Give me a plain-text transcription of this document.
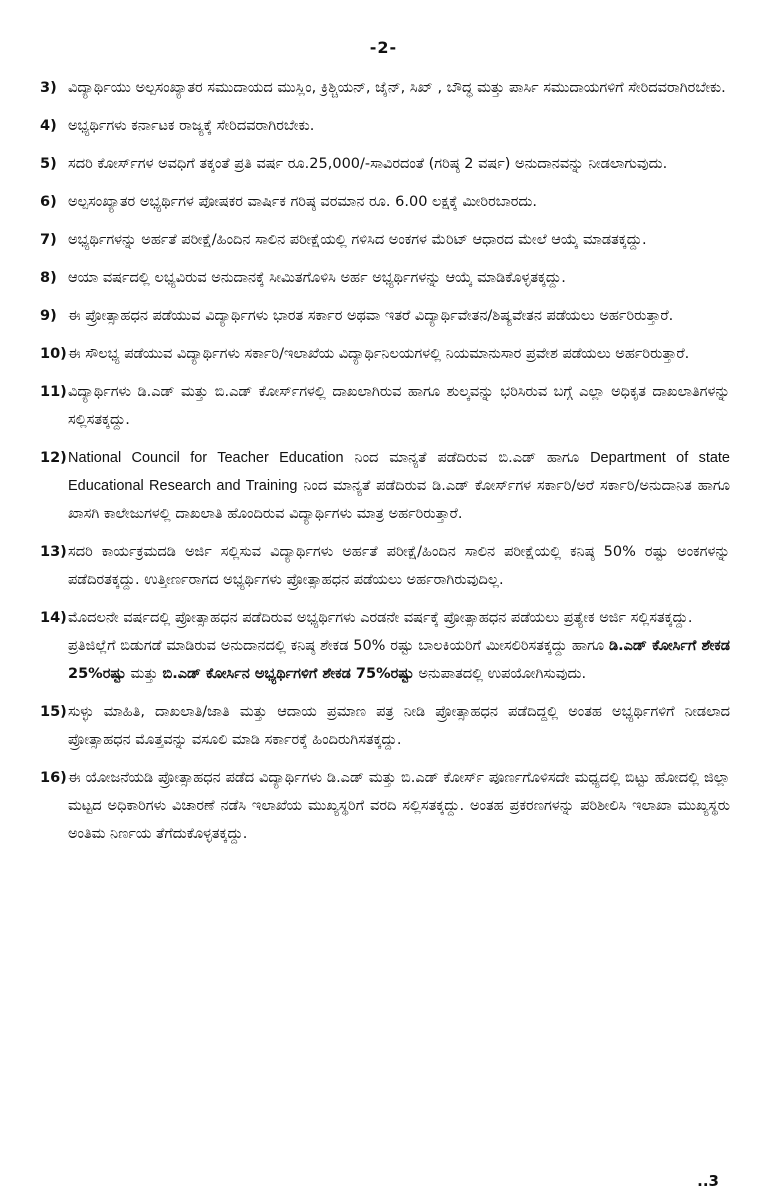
-2-
3) ವಿದ್ಯಾರ್ಥಿಯು ಅಲ್ಪಸಂಖ್ಯಾತರ ಸಮುದಾಯದ ಮುಸ್ಲಿಂ, ಕ್ರಿಶ್ಚಿಯನ್, ಜೈನ್, ಸಿಖ್ , ಬೌದ್ಧ ಮತ್ತು ಪಾರ್ಸಿ ಸಮುದಾಯಗಳಿಗೆ ಸೇರಿದವರಾಗಿರಬೇಕು.
4) ಅಭ್ಯರ್ಥಿಗಳು ಕರ್ನಾಟಕ ರಾಜ್ಯಕ್ಕೆ ಸೇರಿದವರಾಗಿರಬೇಕು.
5) ಸದರಿ ಕೋರ್ಸ್‌ಗಳ ಅವಧಿಗೆ ತಕ್ಕಂತೆ ಪ್ರತಿ ವರ್ಷ ರೂ.25,000/-ಸಾವಿರದಂತೆ (ಗರಿಷ್ಠ 2 ವರ್ಷ) ಅನುದಾನವನ್ನು ನೀಡಲಾಗುವುದು.
6) ಅಲ್ಪಸಂಖ್ಯಾತರ ಅಭ್ಯರ್ಥಿಗಳ ಪೋಷಕರ ವಾರ್ಷಿಕ ಗರಿಷ್ಠ ವರಮಾನ ರೂ. 6.00 ಲಕ್ಷಕ್ಕೆ ಮೀರಿರಬಾರದು.
7) ಅಭ್ಯರ್ಥಿಗಳನ್ನು ಅರ್ಹತೆ ಪರೀಕ್ಷೆ/ಹಿಂದಿನ ಸಾಲಿನ ಪರೀಕ್ಷೆಯಲ್ಲಿ ಗಳಿಸಿದ ಅಂಕಗಳ ಮೆರಿಟ್ ಆಧಾರದ ಮೇಲೆ ಆಯ್ಕೆ ಮಾಡತಕ್ಕದ್ದು.
8) ಆಯಾ ವರ್ಷದಲ್ಲಿ ಲಭ್ಯವಿರುವ ಅನುದಾನಕ್ಕೆ ಸೀಮಿತಗೊಳಿಸಿ ಅರ್ಹ ಅಭ್ಯರ್ಥಿಗಳನ್ನು ಆಯ್ಕೆ ಮಾಡಿಕೊಳ್ಳತಕ್ಕದ್ದು.
9) ಈ ಪ್ರೋತ್ಸಾಹಧನ ಪಡೆಯುವ ವಿದ್ಯಾರ್ಥಿಗಳು ಭಾರತ ಸರ್ಕಾರ ಅಥವಾ ಇತರೆ ವಿದ್ಯಾರ್ಥಿವೇತನ/ಶಿಷ್ಯವೇತನ ಪಡೆಯಲು ಅರ್ಹರಿರುತ್ತಾರೆ.
10) ಈ ಸೌಲಭ್ಯ ಪಡೆಯುವ ವಿದ್ಯಾರ್ಥಿಗಳು ಸರ್ಕಾರಿ/ಇಲಾಖೆಯ ವಿದ್ಯಾರ್ಥಿನಿಲಯಗಳಲ್ಲಿ ನಿಯಮಾನುಸಾರ ಪ್ರವೇಶ ಪಡೆಯಲು ಅರ್ಹರಿರುತ್ತಾರೆ.
11) ವಿದ್ಯಾರ್ಥಿಗಳು ಡಿ.ಎಡ್ ಮತ್ತು ಬಿ.ಎಡ್ ಕೋರ್ಸ್‌ಗಳಲ್ಲಿ ದಾಖಲಾಗಿರುವ ಹಾಗೂ ಶುಲ್ಕವನ್ನು ಭರಿಸಿರುವ ಬಗ್ಗೆ ಎಲ್ಲಾ ಅಧಿಕೃತ ದಾಖಲಾತಿಗಳನ್ನು ಸಲ್ಲಿಸತಕ್ಕದ್ದು.
12) National Council for Teacher Education ನಿಂದ ಮಾನ್ಯತೆ ಪಡೆದಿರುವ ಬಿ.ಎಡ್ ಹಾಗೂ Department of state Educational Research and Training ನಿಂದ ಮಾನ್ಯತೆ ಪಡೆದಿರುವ ಡಿ.ಎಡ್ ಕೋರ್ಸ್‌ಗಳ ಸರ್ಕಾರಿ/ಅರೆ ಸರ್ಕಾರಿ/ಅನುದಾನಿತ ಹಾಗೂ ಖಾಸಗಿ ಕಾಲೇಜುಗಳಲ್ಲಿ ದಾಖಲಾತಿ ಹೊಂದಿರುವ ವಿದ್ಯಾರ್ಥಿಗಳು ಮಾತ್ರ ಅರ್ಹರಿರುತ್ತಾರೆ.
13) ಸದರಿ ಕಾರ್ಯಕ್ರಮದಡಿ ಅರ್ಜಿ ಸಲ್ಲಿಸುವ ವಿದ್ಯಾರ್ಥಿಗಳು ಅರ್ಹತೆ ಪರೀಕ್ಷೆ/ಹಿಂದಿನ ಸಾಲಿನ ಪರೀಕ್ಷೆಯಲ್ಲಿ ಕನಿಷ್ಠ 50% ರಷ್ಟು ಅಂಕಗಳನ್ನು ಪಡೆದಿರತಕ್ಕದ್ದು. ಉತ್ತೀರ್ಣರಾಗದ ಅಭ್ಯರ್ಥಿಗಳು ಪ್ರೋತ್ಸಾಹಧನ ಪಡೆಯಲು ಅರ್ಹರಾಗಿರುವುದಿಲ್ಲ.
14) ಮೊದಲನೇ ವರ್ಷದಲ್ಲಿ ಪ್ರೋತ್ಸಾಹಧನ ಪಡೆದಿರುವ ಅಭ್ಯರ್ಥಿಗಳು ಎರಡನೇ ವರ್ಷಕ್ಕೆ ಪ್ರೋತ್ಸಾಹಧನ ಪಡೆಯಲು ಪ್ರತ್ಯೇಕ ಅರ್ಜಿ ಸಲ್ಲಿಸತಕ್ಕದ್ದು.

ಪ್ರತಿಜಿಲ್ಲೆಗೆ ಬಿಡುಗಡೆ ಮಾಡಿರುವ ಅನುದಾನದಲ್ಲಿ ಕನಿಷ್ಠ ಶೇಕಡ 50% ರಷ್ಟು ಬಾಲಕಿಯರಿಗೆ ಮೀಸಲಿರಿಸತಕ್ಕದ್ದು ಹಾಗೂ ಡಿ.ಎಡ್ ಕೋರ್ಸಿಗೆ ಶೇಕಡ 25%ರಷ್ಟು ಮತ್ತು ಬಿ.ಎಡ್ ಕೋರ್ಸಿನ ಅಭ್ಯರ್ಥಿಗಳಿಗೆ ಶೇಕಡ 75%ರಷ್ಟು ಅನುಪಾತದಲ್ಲಿ ಉಪಯೋಗಿಸುವುದು.

15) ಸುಳ್ಳು ಮಾಹಿತಿ, ದಾಖಲಾತಿ/ಜಾತಿ ಮತ್ತು ಆದಾಯ ಪ್ರಮಾಣ ಪತ್ರ ನೀಡಿ ಪ್ರೋತ್ಸಾಹಧನ ಪಡೆದಿದ್ದಲ್ಲಿ ಅಂತಹ ಅಭ್ಯರ್ಥಿಗಳಿಗೆ ನೀಡಲಾದ ಪ್ರೋತ್ಸಾಹಧನ ಮೊತ್ತವನ್ನು ವಸೂಲಿ ಮಾಡಿ ಸರ್ಕಾರಕ್ಕೆ ಹಿಂದಿರುಗಿಸತಕ್ಕದ್ದು.
16) ಈ ಯೋಜನೆಯಡಿ ಪ್ರೋತ್ಸಾಹಧನ ಪಡೆದ ವಿದ್ಯಾರ್ಥಿಗಳು ಡಿ.ಎಡ್ ಮತ್ತು ಬಿ.ಎಡ್ ಕೋರ್ಸ್ ಪೂರ್ಣಗೊಳಿಸದೇ ಮಧ್ಯದಲ್ಲಿ ಬಿಟ್ಟು ಹೋದಲ್ಲಿ ಜಿಲ್ಲಾ ಮಟ್ಟದ ಅಧಿಕಾರಿಗಳು ವಿಚಾರಣೆ ನಡೆಸಿ ಇಲಾಖೆಯ ಮುಖ್ಯಸ್ಥರಿಗೆ ವರದಿ ಸಲ್ಲಿಸತಕ್ಕದ್ದು. ಅಂತಹ ಪ್ರಕರಣಗಳನ್ನು ಪರಿಶೀಲಿಸಿ ಇಲಾಖಾ ಮುಖ್ಯಸ್ಥರು ಅಂತಿಮ ನಿರ್ಣಯ ತೆಗೆದುಕೊಳ್ಳತಕ್ಕದ್ದು.
..3
